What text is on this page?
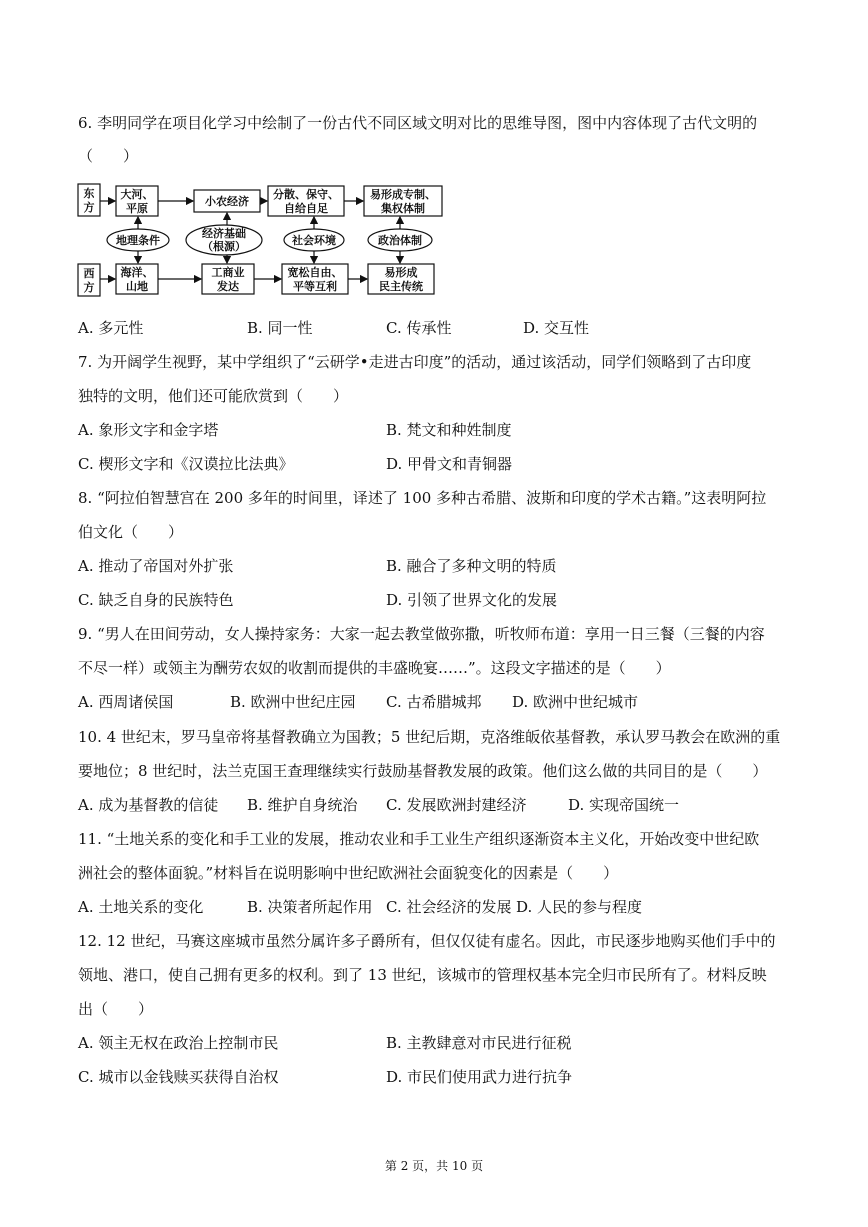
6. 李明同学在项目化学习中绘制了一份古代不同区域文明对比的思维导图，图中内容体现了古代文明的
（　　）
东
方
大河、
平原
小农经济
分散、保守、
自给自足
易形成专制、
集权体制
地理条件
经济基础
（根源）	社会环境	政治体制
西
方
海洋、
山地
工商业
发达
宽松自由、
平等互利
易形成
民主传统
A. 多元性	B. 同一性	C. 传承性	D. 交互性
7. 为开阔学生视野，某中学组织了“云研学•走进古印度”的活动，通过该活动，同学们领略到了古印度
独特的文明，他们还可能欣赏到（　　）
A. 象形文字和金字塔	B. 梵文和种姓制度
C. 楔形文字和《汉谟拉比法典》	D. 甲骨文和青铜器
8. “阿拉伯智慧宫在 200 多年的时间里，译述了 100 多种古希腊、波斯和印度的学术古籍。”这表明阿拉
伯文化（　　）
A. 推动了帝国对外扩张	B. 融合了多种文明的特质
C. 缺乏自身的民族特色	D. 引领了世界文化的发展
9. “男人在田间劳动，女人操持家务：大家一起去教堂做弥撒，听牧师布道：享用一日三餐（三餐的内容
不尽一样）或领主为酬劳农奴的收割而提供的丰盛晚宴……”。这段文字描述的是（　　）
A. 西周诸侯国	B. 欧洲中世纪庄园 C. 古希腊城邦 D. 欧洲中世纪城市
10. 4 世纪末，罗马皇帝将基督教确立为国教；5 世纪后期，克洛维皈依基督教，承认罗马教会在欧洲的重
要地位；8 世纪时，法兰克国王查理继续实行鼓励基督教发展的政策。他们这么做的共同目的是（　　）
A. 成为基督教的信徒 B. 维护自身统治 C. 发展欧洲封建经济	D. 实现帝国统一
11. “土地关系的变化和手工业的发展，推动农业和手工业生产组织逐渐资本主义化，开始改变中世纪欧
洲社会的整体面貌。”材料旨在说明影响中世纪欧洲社会面貌变化的因素是（　　）
A. 土地关系的变化	B. 决策者所起作用 C. 社会经济的发展 D. 人民的参与程度
12. 12 世纪，马赛这座城市虽然分属许多子爵所有，但仅仅徒有虚名。因此，市民逐步地购买他们手中的
领地、港口，使自己拥有更多的权利。到了 13 世纪，该城市的管理权基本完全归市民所有了。材料反映
出（　　）
A. 领主无权在政治上控制市民	B. 主教肆意对市民进行征税
C. 城市以金钱赎买获得自治权	D. 市民们使用武力进行抗争
第 2 页，共 10 页
